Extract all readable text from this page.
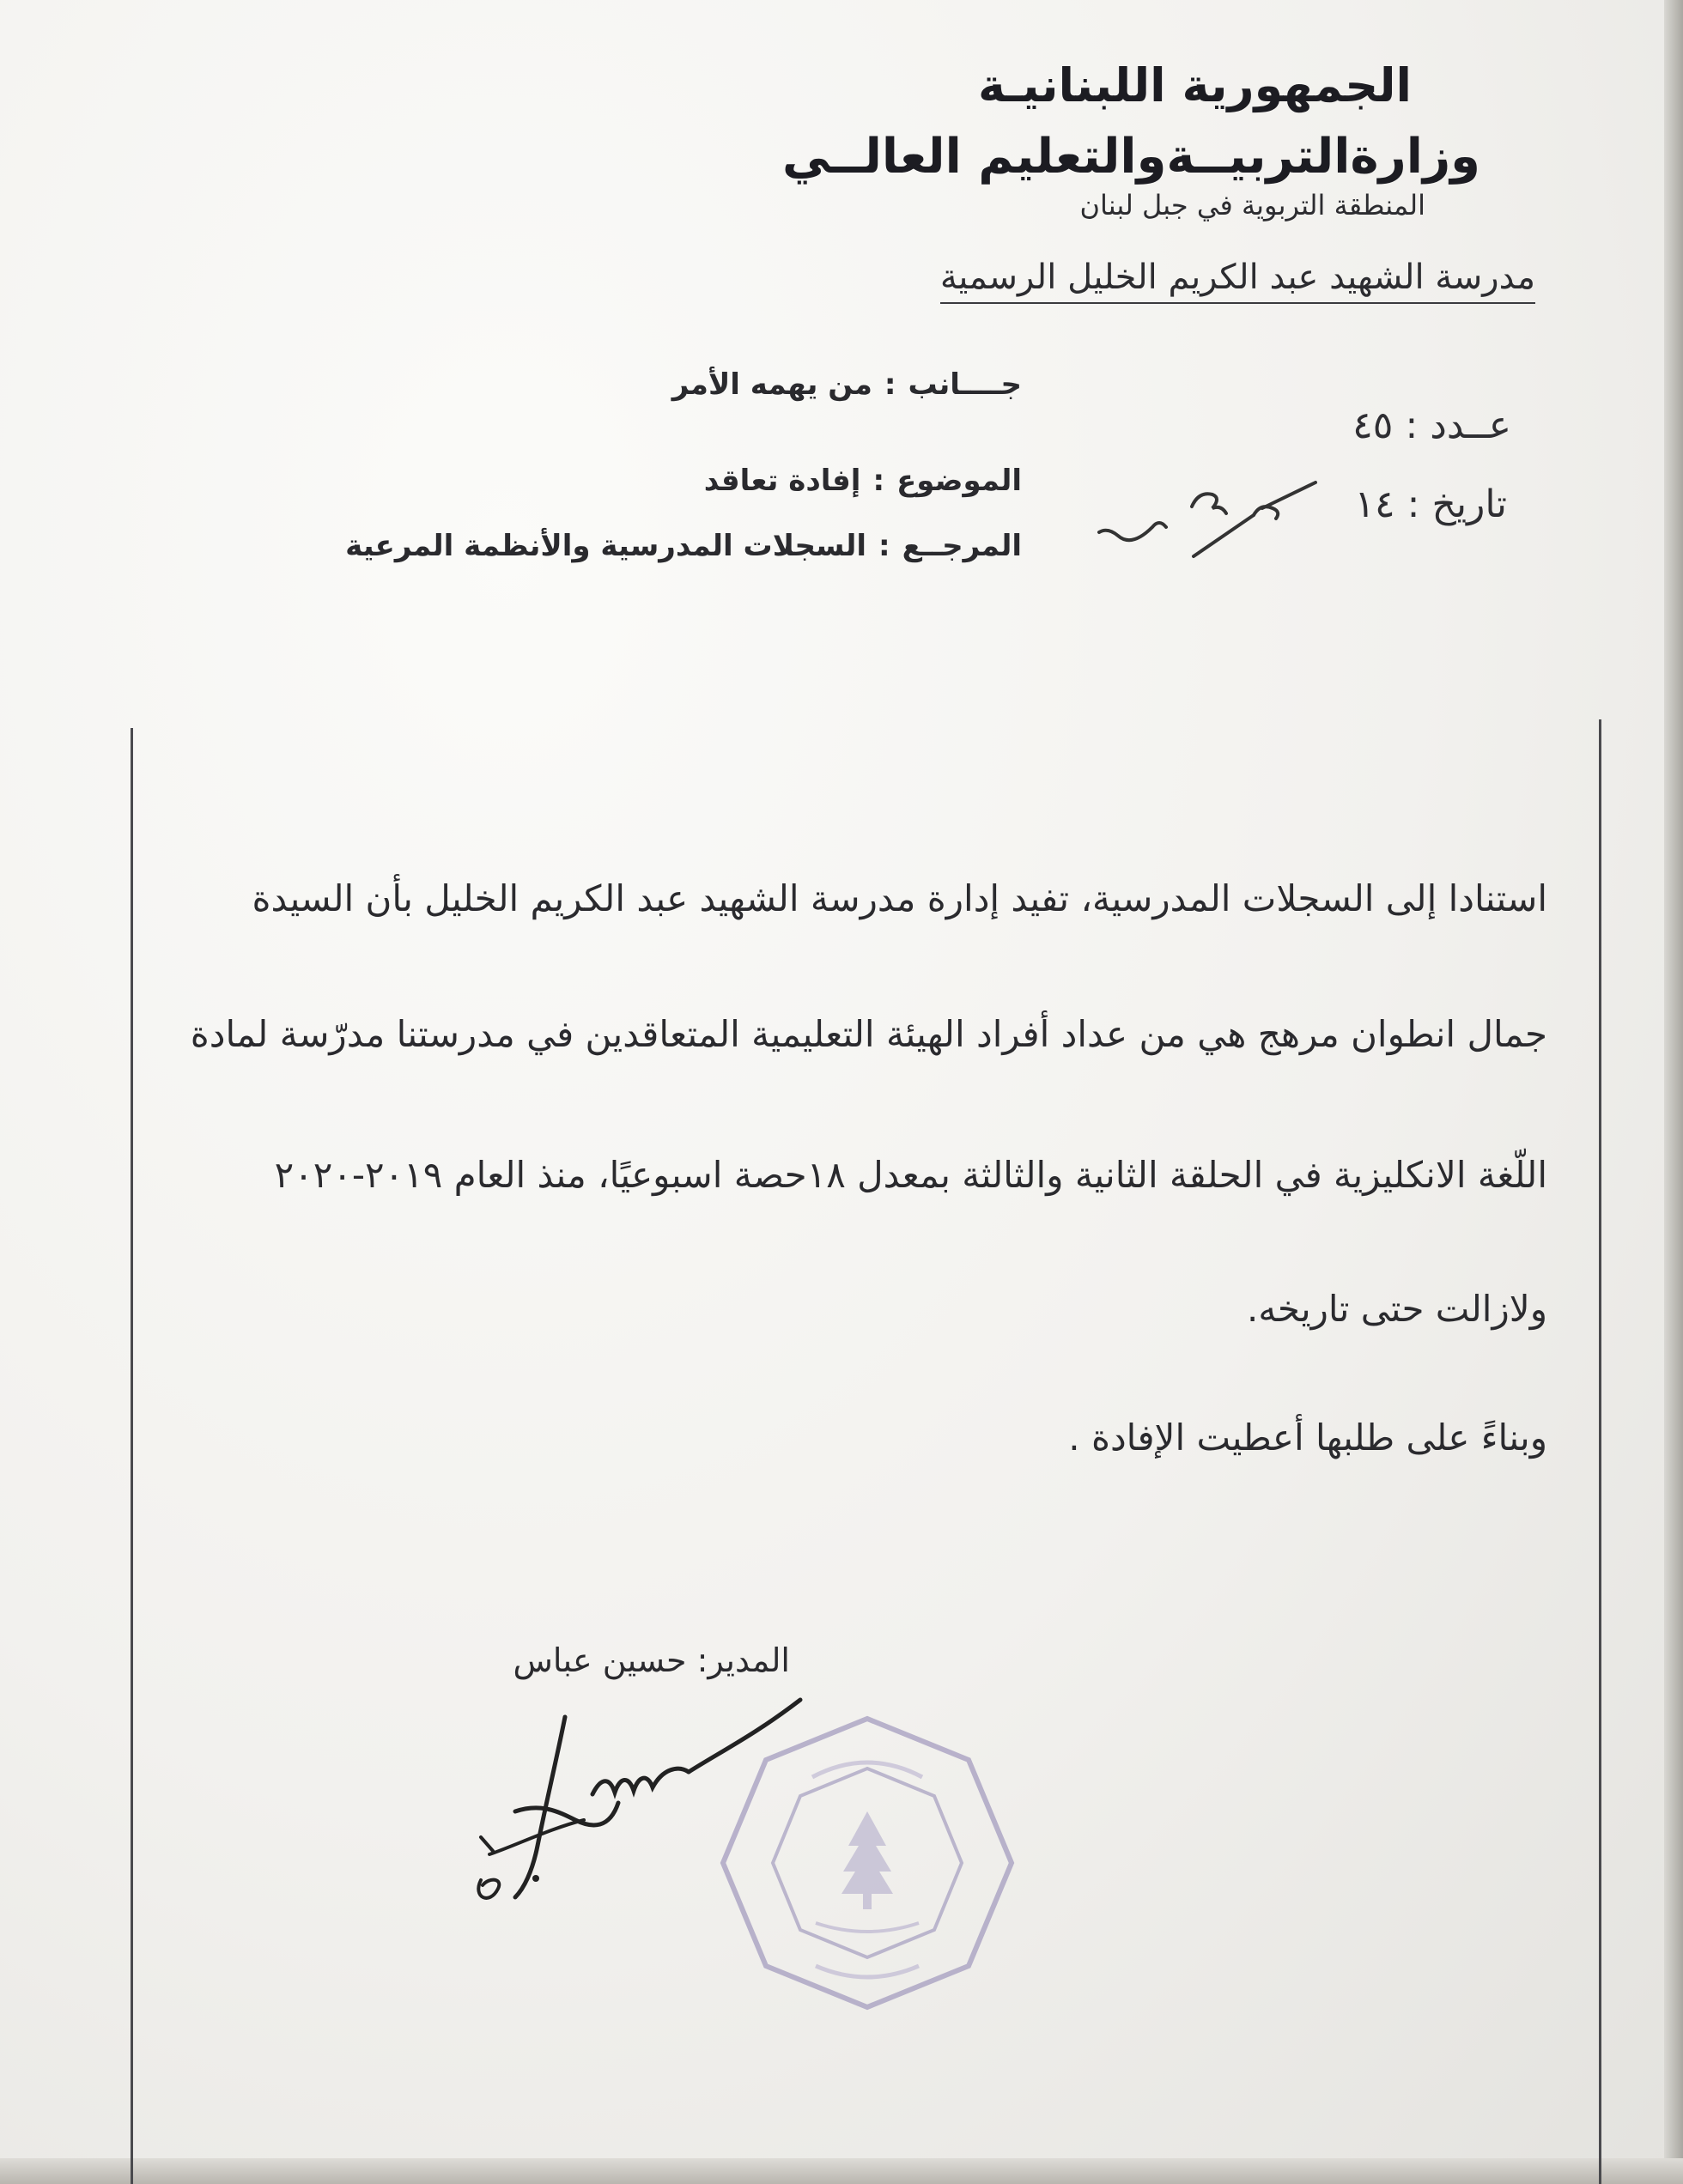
الجمهورية اللبنانيـة
وزارةالتربيــةوالتعليم العالــي
المنطقة التربوية في جبل لبنان
مدرسة الشهيد عبد الكريم الخليل الرسمية
جــــانب:من يهمه الأمر
الموضوع:إفادة تعاقد
المرجــع:السجلات المدرسية والأنظمة المرعية
عــدد : ٤٥
تاريخ : ١٤
استنادا إلى السجلات المدرسية، تفيد إدارة مدرسة الشهيد عبد الكريم الخليل بأن السيدة
جمال انطوان مرهج هي من عداد أفراد الهيئة التعليمية المتعاقدين في مدرستنا مدرّسة لمادة
اللّغة الانكليزية في الحلقة الثانية والثالثة بمعدل ١٨حصة اسبوعيًا، منذ العام ٢٠١٩-٢٠٢٠
ولازالت حتى تاريخه.
وبناءً على طلبها أعطيت الإفادة .
المدير: حسين عباس
